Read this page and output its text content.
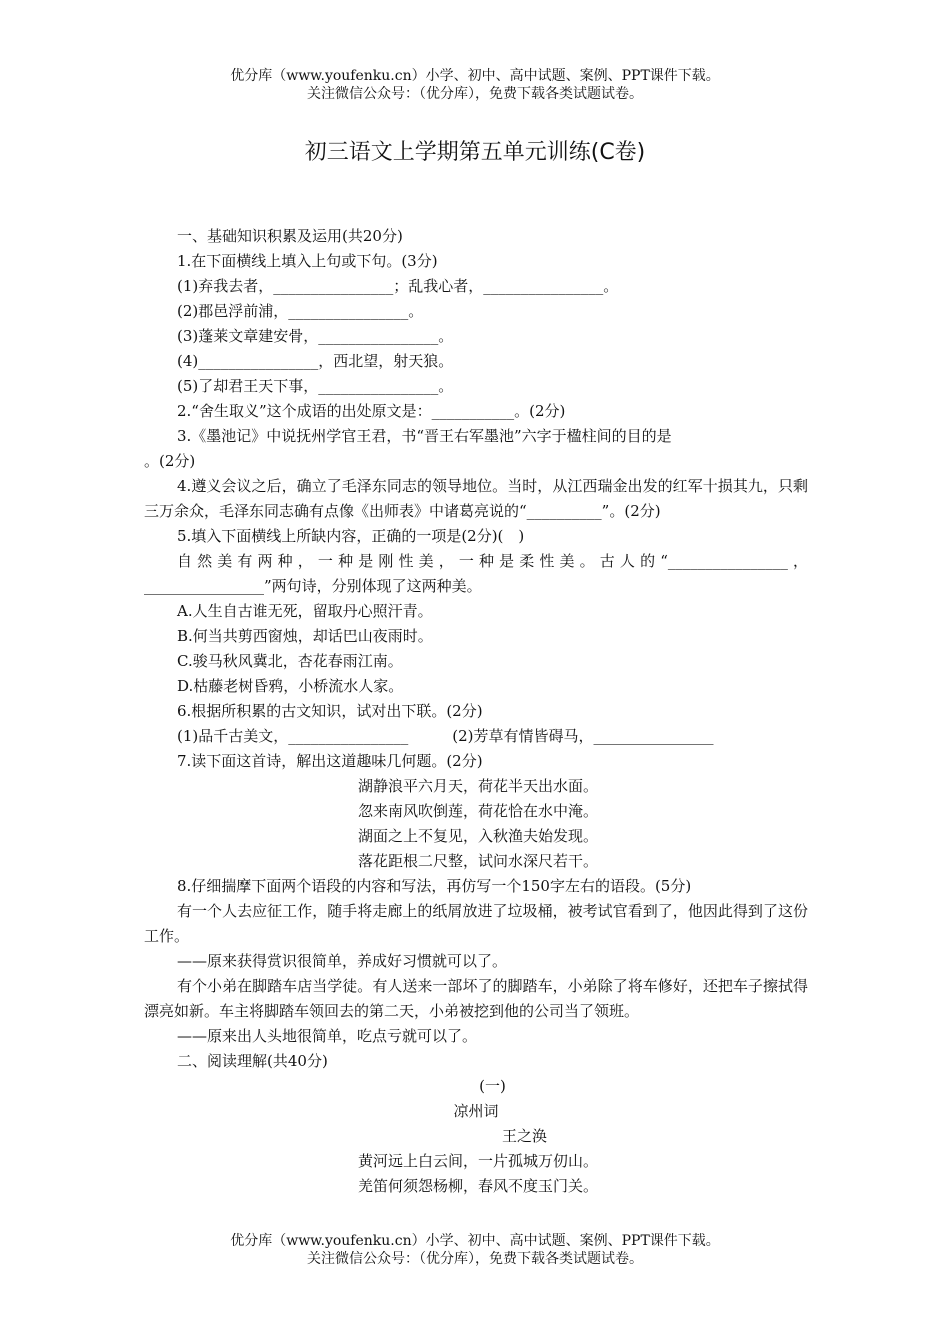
优分库（www.youfenku.cn）小学、初中、高中试题、案例、PPT课件下载。
关注微信公众号：（优分库），免费下载各类试题试卷。
初三语文上学期第五单元训练(C卷)

一、基础知识积累及运用(共20分)

1.在下面横线上填入上句或下句。(3分)

(1)弃我去者，________________；乱我心者，________________。

(2)郡邑浮前浦，________________。

(3)蓬莱文章建安骨，________________。

(4)________________，西北望，射天狼。

(5)了却君王天下事，________________。

2.“舍生取义”这个成语的出处原文是：___________。(2分)

3.《墨池记》中说抚州学官王君，书“晋王右军墨池”六字于楹柱间的目的是

。(2分)

4.遵义会议之后，确立了毛泽东同志的领导地位。当时，从江西瑞金出发的红军十损其九，只剩三万余众，毛泽东同志确有点像《出师表》中诸葛亮说的“__________”。(2分)

5.填入下面横线上所缺内容，正确的一项是(2分)(　)

自然美有两种，一种是刚性美，一种是柔性美。古人的“________________，________________”两句诗，分别体现了这两种美。

A.人生自古谁无死，留取丹心照汗青。

B.何当共剪西窗烛，却话巴山夜雨时。

C.骏马秋风冀北，杏花春雨江南。

D.枯藤老树昏鸦，小桥流水人家。

6.根据所积累的古文知识，试对出下联。(2分)

(1)品千古美文，________________	(2)芳草有情皆碍马，________________

7.读下面这首诗，解出这道趣味几何题。(2分)

湖静浪平六月天，荷花半天出水面。

忽来南风吹倒莲，荷花恰在水中淹。

湖面之上不复见，入秋渔夫始发现。

落花距根二尺整，试问水深尺若干。

8.仔细揣摩下面两个语段的内容和写法，再仿写一个150字左右的语段。(5分)

有一个人去应征工作，随手将走廊上的纸屑放进了垃圾桶，被考试官看到了，他因此得到了这份工作。

——原来获得赏识很简单，养成好习惯就可以了。

有个小弟在脚踏车店当学徒。有人送来一部坏了的脚踏车，小弟除了将车修好，还把车子擦拭得漂亮如新。车主将脚踏车领回去的第二天，小弟被挖到他的公司当了领班。

——原来出人头地很简单，吃点亏就可以了。

二、阅读理解(共40分)

(一)

凉州词

王之涣

黄河远上白云间，一片孤城万仞山。

羌笛何须怨杨柳，春风不度玉门关。

优分库（www.youfenku.cn）小学、初中、高中试题、案例、PPT课件下载。
关注微信公众号：（优分库），免费下载各类试题试卷。
